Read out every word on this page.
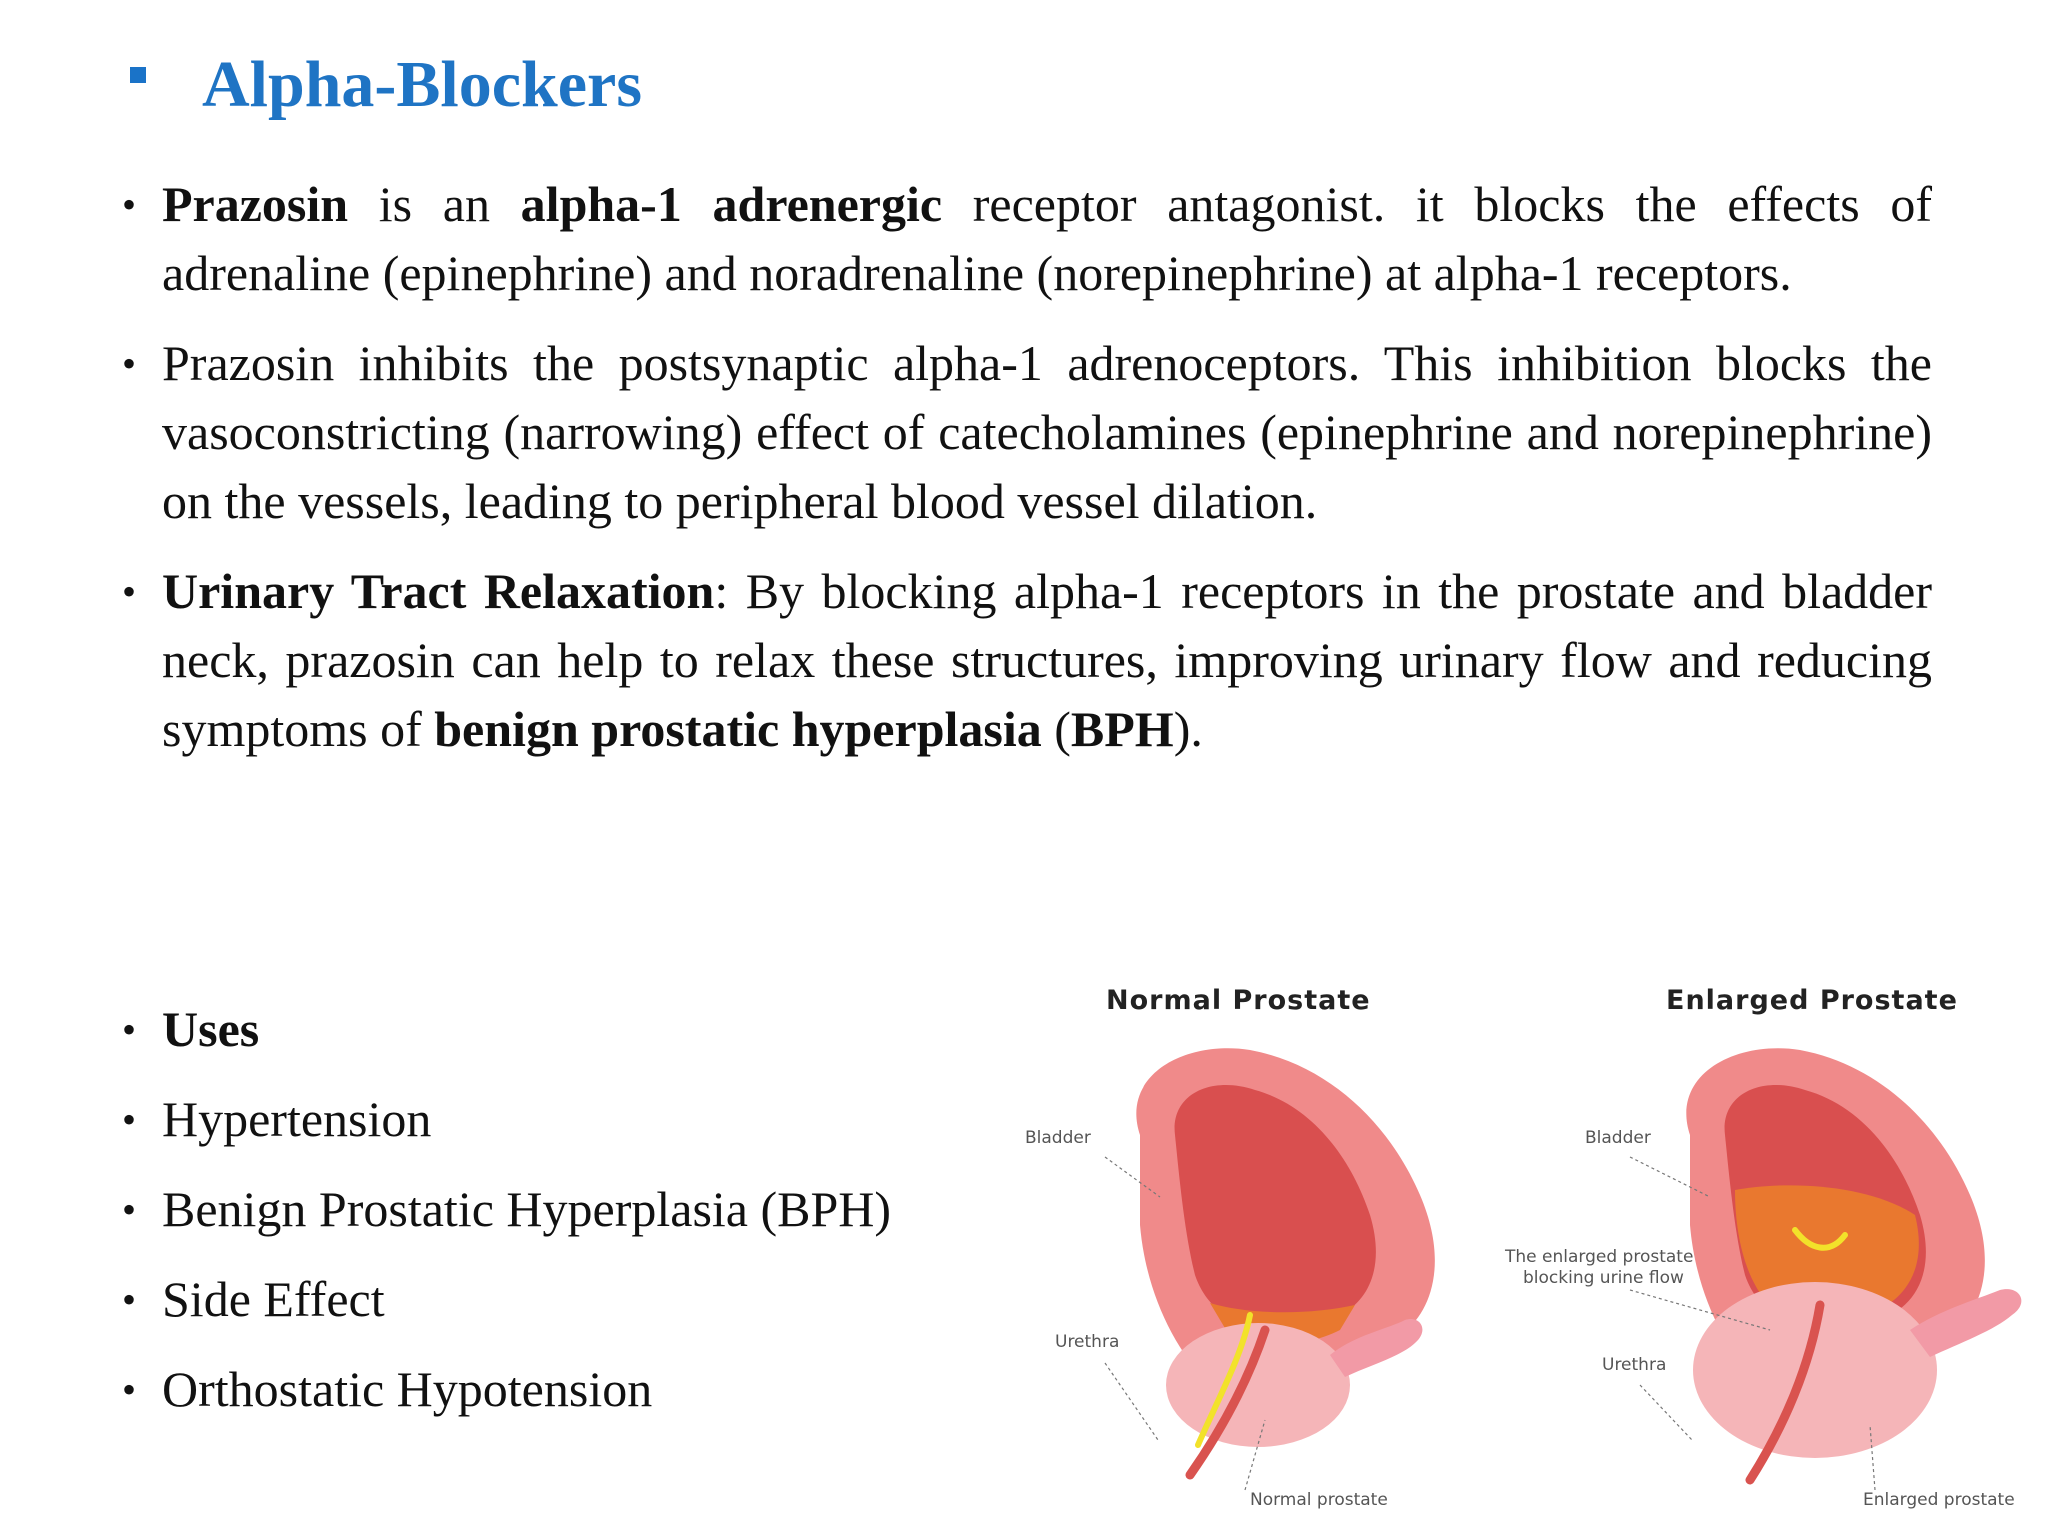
Alpha-Blockers
• Prazosin is an alpha-1 adrenergic receptor antagonist. it blocks the effects of adrenaline (epinephrine) and noradrenaline (norepinephrine) at alpha-1 receptors.
• Prazosin inhibits the postsynaptic alpha-1 adrenoceptors. This inhibition blocks the vasoconstricting (narrowing) effect of catecholamines (epinephrine and norepinephrine) on the vessels, leading to peripheral blood vessel dilation.
• Urinary Tract Relaxation: By blocking alpha-1 receptors in the prostate and bladder neck, prazosin can help to relax these structures, improving urinary flow and reducing symptoms of benign prostatic hyperplasia (BPH).
• Uses
• Hypertension
• Benign Prostatic Hyperplasia (BPH)
• Side Effect
• Orthostatic Hypotension
Normal Prostate	Enlarged Prostate
Bladder
Urethra
Normal prostate
Bladder
The enlarged prostate
blocking urine flow
Urethra
Enlarged prostate
